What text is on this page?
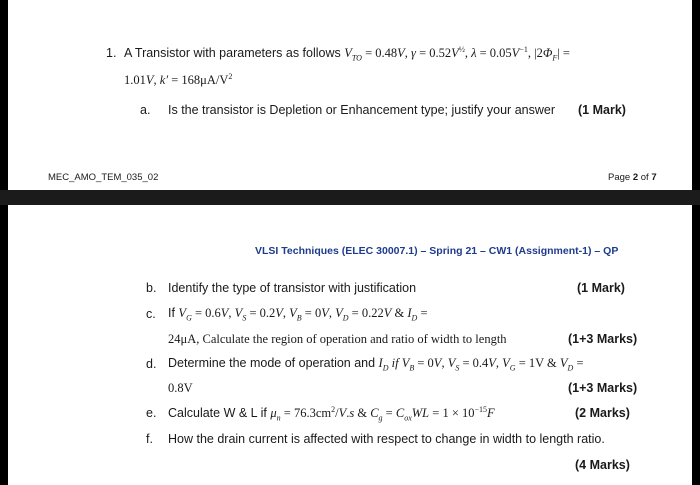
1. A Transistor with parameters as follows $V_{TO} = 0.48V$, $\gamma = 0.52V^{\frac{1}{2}}$, $\lambda = 0.05V^{-1}$, $|2\Phi_F|$ =
1.01V, $k' = 168\mu A/V^2$
a. Is the transistor is Depletion or Enhancement type; justify your answer (1 Mark)
MEC_AMO_TEM_035_02	Page 2 of 7
VLSI Techniques (ELEC 30007.1) – Spring 21 – CW1 (Assignment-1) – QP
b. Identify the type of transistor with justification	(1 Mark)
c. If $V_G = 0.6V$, $V_S = 0.2V$, $V_B = 0V$, $V_D = 0.22V$ & $I_D$ =
24μA, Calculate the region of operation and ratio of width to length	(1+3 Marks)
d. Determine the mode of operation and $I_D$ if $V_B = 0V$, $V_S = 0.4V$, $V_G = 1V$ & $V_D$ =
0.8V	(1+3 Marks)
e. Calculate W & L if $\mu_n = 76.3cm^2/V.s$ & $C_g = C_{ox}WL = 1 \times 10^{-15}F$	(2 Marks)
f. How the drain current is affected with respect to change in width to length ratio.
(4 Marks)
